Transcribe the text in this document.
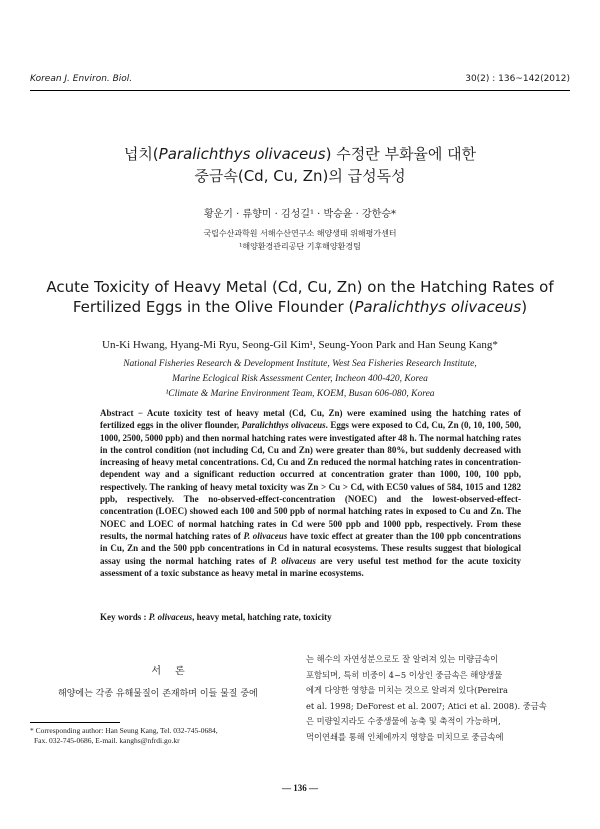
Korean J. Environ. Biol.	30(2) : 136~142(2012)
넙치(Paralichthys olivaceus) 수정란 부화율에 대한
중금속(Cd, Cu, Zn)의 급성독성
황운기 · 류향미 · 김성길¹ · 박승윤 · 강한승*
국립수산과학원 서해수산연구소 해양생태 위해평가센터
¹해양환경관리공단 기후해양환경팀
Acute Toxicity of Heavy Metal (Cd, Cu, Zn) on the Hatching Rates of
Fertilized Eggs in the Olive Flounder (Paralichthys olivaceus)
Un-Ki Hwang, Hyang-Mi Ryu, Seong-Gil Kim¹, Seung-Yoon Park and Han Seung Kang*
National Fisheries Research & Development Institute, West Sea Fisheries Research Institute,
Marine Eclogical Risk Assessment Center, Incheon 400-420, Korea
¹Climate & Marine Environment Team, KOEM, Busan 606-080, Korea
Abstract − Acute toxicity test of heavy metal (Cd, Cu, Zn) were examined using the hatching rates of fertilized eggs in the oliver flounder, Paralichthys olivaceus. Eggs were exposed to Cd, Cu, Zn (0, 10, 100, 500, 1000, 2500, 5000 ppb) and then normal hatching rates were investigated after 48 h. The normal hatching rates in the control condition (not including Cd, Cu and Zn) were greater than 80%, but suddenly decreased with increasing of heavy metal concentrations. Cd, Cu and Zn reduced the normal hatching rates in concentration-dependent way and a significant reduction occurred at concentration grater than 1000, 100, 100 ppb, respectively. The ranking of heavy metal toxicity was Zn > Cu > Cd, with EC50 values of 584, 1015 and 1282 ppb, respectively. The no-observed-effect-concentration (NOEC) and the lowest-observed-effect-concentration (LOEC) showed each 100 and 500 ppb of normal hatching rates in exposed to Cu and Zn. The NOEC and LOEC of normal hatching rates in Cd were 500 ppb and 1000 ppb, respectively. From these results, the normal hatching rates of P. olivaceus have toxic effect at greater than the 100 ppb concentrations in Cu, Zn and the 500 ppb concentrations in Cd in natural ecosystems. These results suggest that biological assay using the normal hatching rates of P. olivaceus are very useful test method for the acute toxicity assessment of a toxic substance as heavy metal in marine ecosystems.
Key words : P. olivaceus, heavy metal, hatching rate, toxicity
서론
해양에는 각종 유해물질이 존재하며 이들 물질 중에
* Corresponding author: Han Seung Kang, Tel. 032-745-0684,
Fax. 032-745-0686, E-mail. kanghs@nfrdi.go.kr
는 해수의 자연성분으로도 잘 알려져 있는 미량금속이
포함되며, 특히 비중이 4~5 이상인 중금속은 해양생물
에게 다양한 영향을 미치는 것으로 알려져 있다(Pereira
et al. 1998; DeForest et al. 2007; Atici et al. 2008). 중금속
은 미량일지라도 수중생물에 농축 및 축적이 가능하며,
먹이연쇄를 통해 인체에까지 영향을 미치므로 중금속에
— 136 —
